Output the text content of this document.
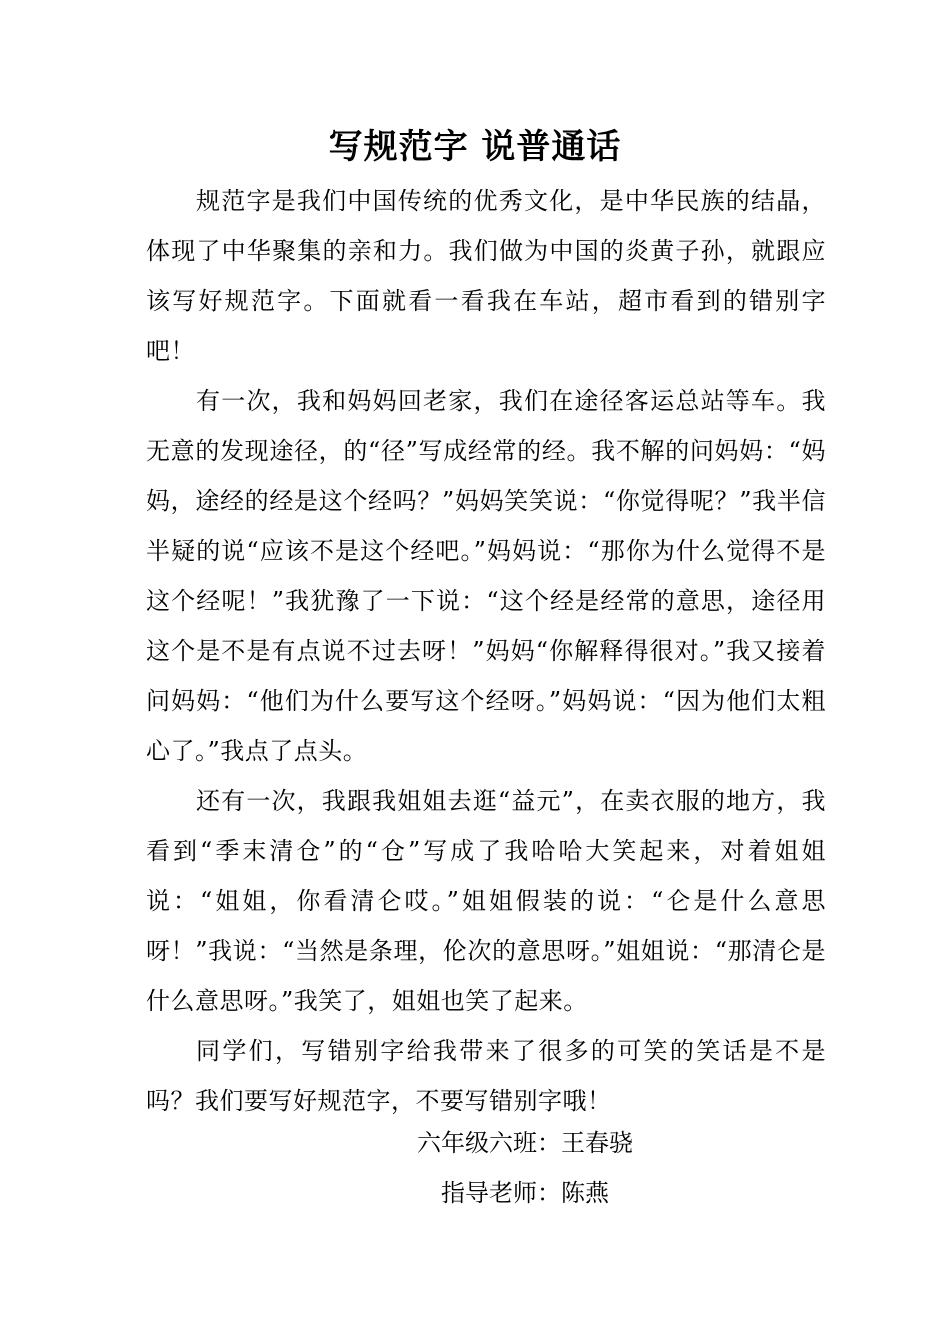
写规范字 说普通话

规范字是我们中国传统的优秀文化，是中华民族的结晶，体现了中华聚集的亲和力。我们做为中国的炎黄子孙，就跟应该写好规范字。下面就看一看我在车站，超市看到的错别字吧！

有一次，我和妈妈回老家，我们在途径客运总站等车。我无意的发现途径，的“径”写成经常的经。我不解的问妈妈：“妈妈，途经的经是这个经吗？”妈妈笑笑说：“你觉得呢？”我半信半疑的说“应该不是这个经吧。”妈妈说：“那你为什么觉得不是这个经呢！”我犹豫了一下说：“这个经是经常的意思，途径用这个是不是有点说不过去呀！”妈妈“你解释得很对。”我又接着问妈妈：“他们为什么要写这个经呀。”妈妈说：“因为他们太粗心了。”我点了点头。

还有一次，我跟我姐姐去逛“益元”，在卖衣服的地方，我看到“季末清仓”的“仓”写成了我哈哈大笑起来，对着姐姐说：“姐姐，你看清仑哎。”姐姐假装的说：“仑是什么意思呀！”我说：“当然是条理，伦次的意思呀。”姐姐说：“那清仑是什么意思呀。”我笑了，姐姐也笑了起来。

同学们，写错别字给我带来了很多的可笑的笑话是不是吗？我们要写好规范字，不要写错别字哦！

六年级六班：王春骁
指导老师：陈燕
